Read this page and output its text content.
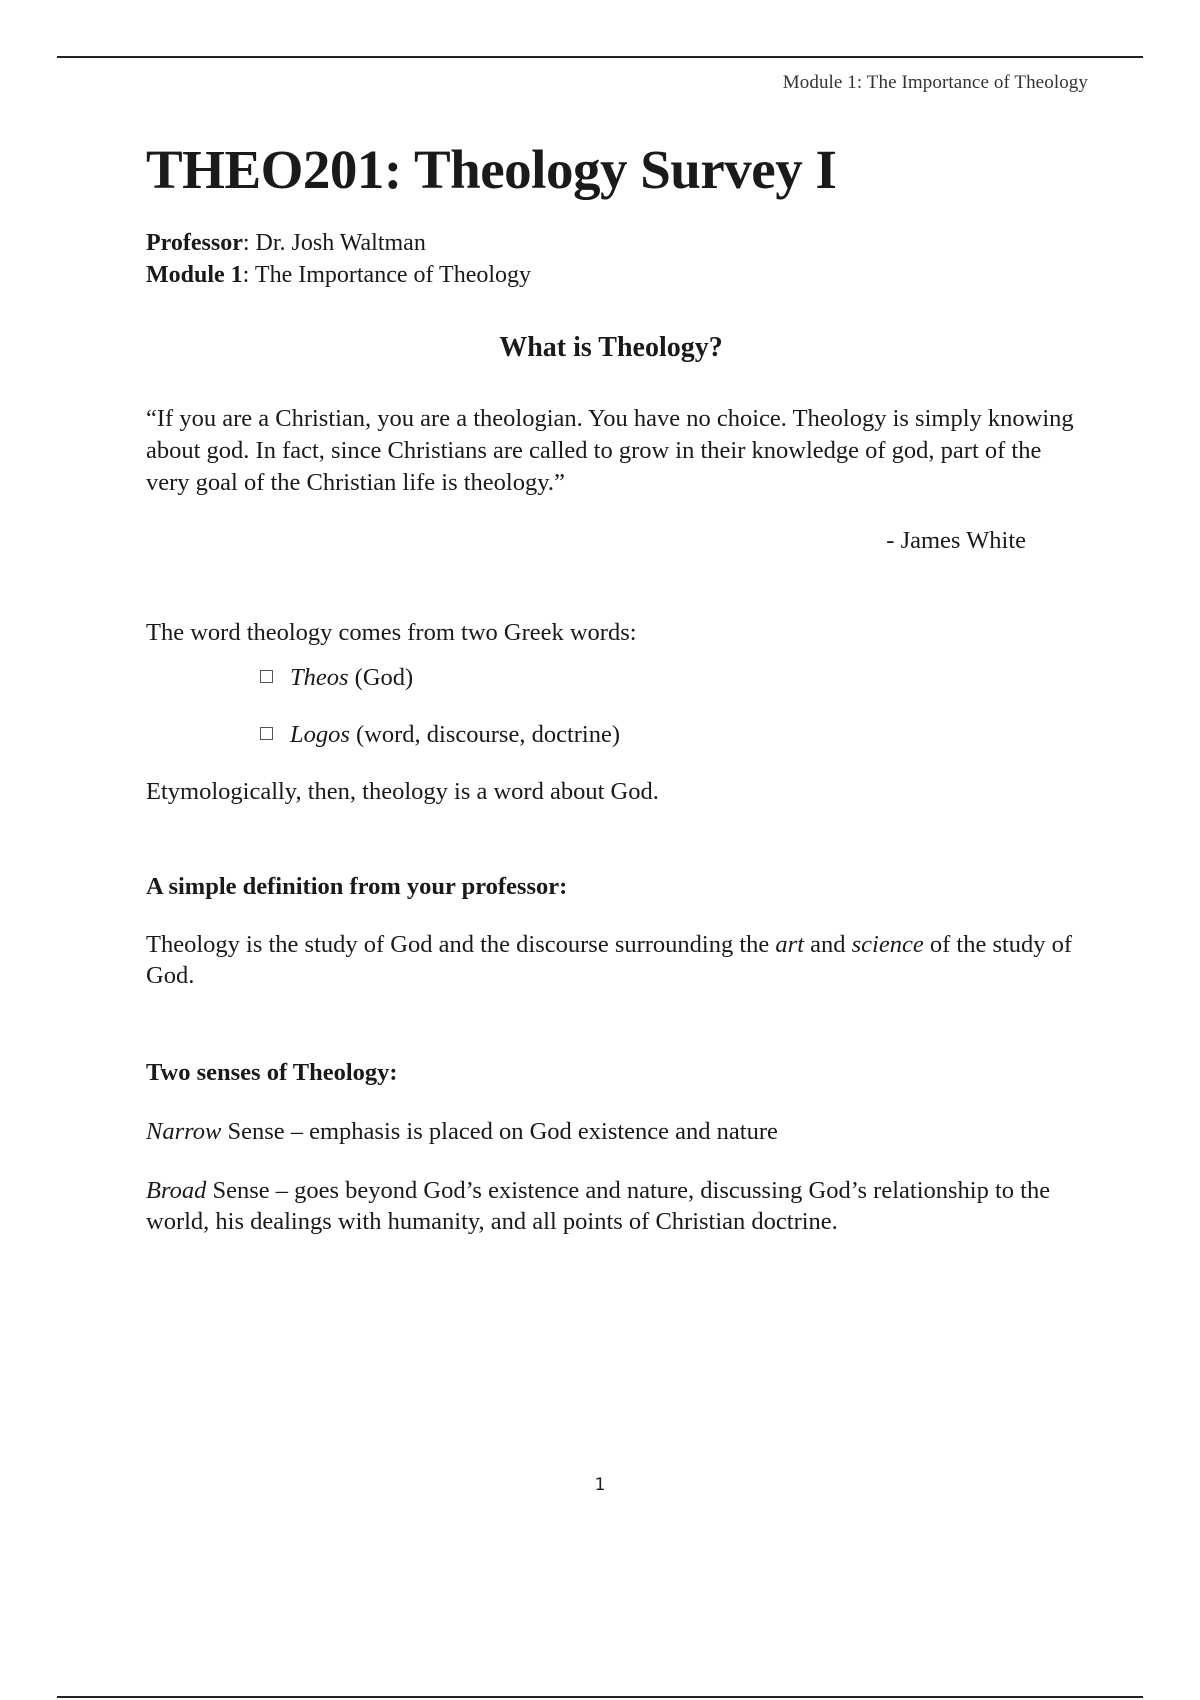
Module 1: The Importance of Theology
THEO201: Theology Survey I
Professor: Dr. Josh Waltman
Module 1: The Importance of Theology
What is Theology?
“If you are a Christian, you are a theologian. You have no choice. Theology is simply knowing about god. In fact, since Christians are called to grow in their knowledge of god, part of the very goal of the Christian life is theology.”
- James White
The word theology comes from two Greek words:
Theos (God)
Logos (word, discourse, doctrine)
Etymologically, then, theology is a word about God.
A simple definition from your professor:
Theology is the study of God and the discourse surrounding the art and science of the study of God.
Two senses of Theology:
Narrow Sense – emphasis is placed on God existence and nature
Broad Sense – goes beyond God’s existence and nature, discussing God’s relationship to the world, his dealings with humanity, and all points of Christian doctrine.
1
